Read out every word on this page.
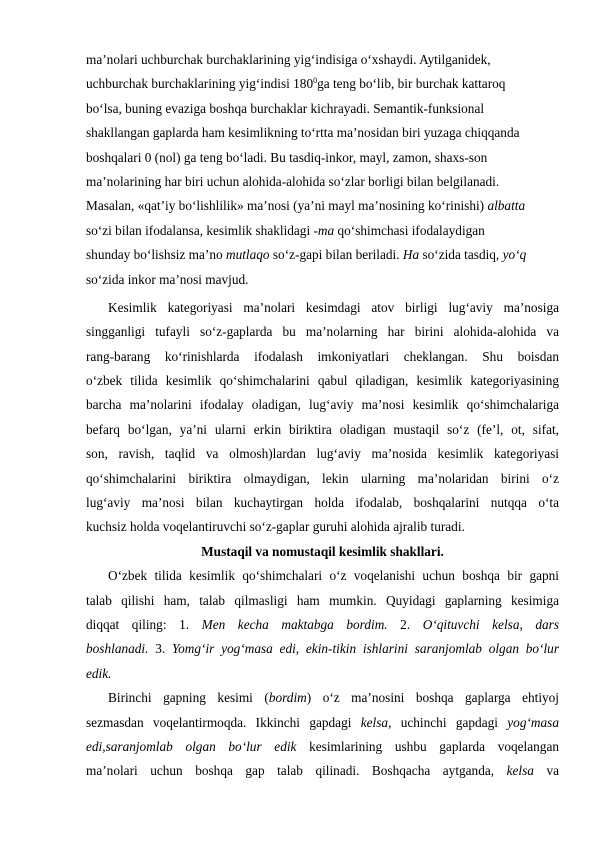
ma’nolari uchburchak burchaklarining yig‘indisiga o‘xshaydi. Aytilganidek,
uchburchak burchaklarining yig‘indisi $180^0ga$ teng bo‘lib, bir burchak kattaroq
bo‘lsa, buning evaziga boshqa burchaklar kichrayadi. Semantik-funksional
shakllangan gaplarda ham kesimlikning to‘rtta ma’nosidan biri yuzaga chiqqanda
boshqalari 0 (nol) ga teng bo‘ladi. Bu tasdiq-inkor, mayl, zamon, shaxs-son
ma’nolarining har biri uchun alohida-alohida so‘zlar borligi bilan belgilanadi.
Masalan, «qat’iy bo‘lishlilik» ma’nosi (ya’ni mayl ma’nosining ko‘rinishi) albatta
so‘zi bilan ifodalansa, kesimlik shaklidagi -ma qo‘shimchasi ifodalaydigan
shunday bo‘lishsiz ma’no mutlaqo so‘z-gapi bilan beriladi. Ha so‘zida tasdiq, yo‘q
so‘zida inkor ma’nosi mavjud.
Kesimlik kategoriyasi ma’nolari kesimdagi atov birligi lug‘aviy ma’nosiga
singganligi tufayli so‘z-gaplarda bu ma’nolarning har birini alohida-alohida va
rang-barang ko‘rinishlarda ifodalash imkoniyatlari cheklangan. Shu boisdan
o‘zbek tilida kesimlik qo‘shimchalarini qabul qiladigan, kesimlik kategoriyasining
barcha ma’nolarini ifodalay oladigan, lug‘aviy ma’nosi kesimlik qo‘shimchalariga
befarq bo‘lgan, ya’ni ularni erkin biriktira oladigan mustaqil so‘z (fe’l, ot, sifat,
son, ravish, taqlid va olmosh)lardan lug‘aviy ma’nosida kesimlik kategoriyasi
qo‘shimchalarini biriktira olmaydigan, lekin ularning ma’nolaridan birini o‘z
lug‘aviy ma’nosi bilan kuchaytirgan holda ifodalab, boshqalarini nutqqa o‘ta
kuchsiz holda voqelantiruvchi so‘z-gaplar guruhi alohida ajralib turadi.
Mustaqil va nomustaqil kesimlik shakllari.
O‘zbek tilida kesimlik qo‘shimchalari o‘z voqelanishi uchun boshqa bir gapni
talab qilishi ham, talab qilmasligi ham mumkin. Quyidagi gaplarning kesimiga
diqqat qiling: 1. Men kecha maktabga bordim. 2. O‘qituvchi kelsa, dars
boshlanadi. 3. Yomg‘ir yog‘masa edi, ekin-tikin ishlarini saranjomlab olgan bo‘lur
edik.
Birinchi gapning kesimi (bordim) o‘z ma’nosini boshqa gaplarga ehtiyoj
sezmasdan voqelantirmoqda. Ikkinchi gapdagi kelsa, uchinchi gapdagi yog‘masa
edi,saranjomlab olgan bo‘lur edik kesimlarining ushbu gaplarda voqelangan
ma’nolari uchun boshqa gap talab qilinadi. Boshqacha aytganda, kelsa va
